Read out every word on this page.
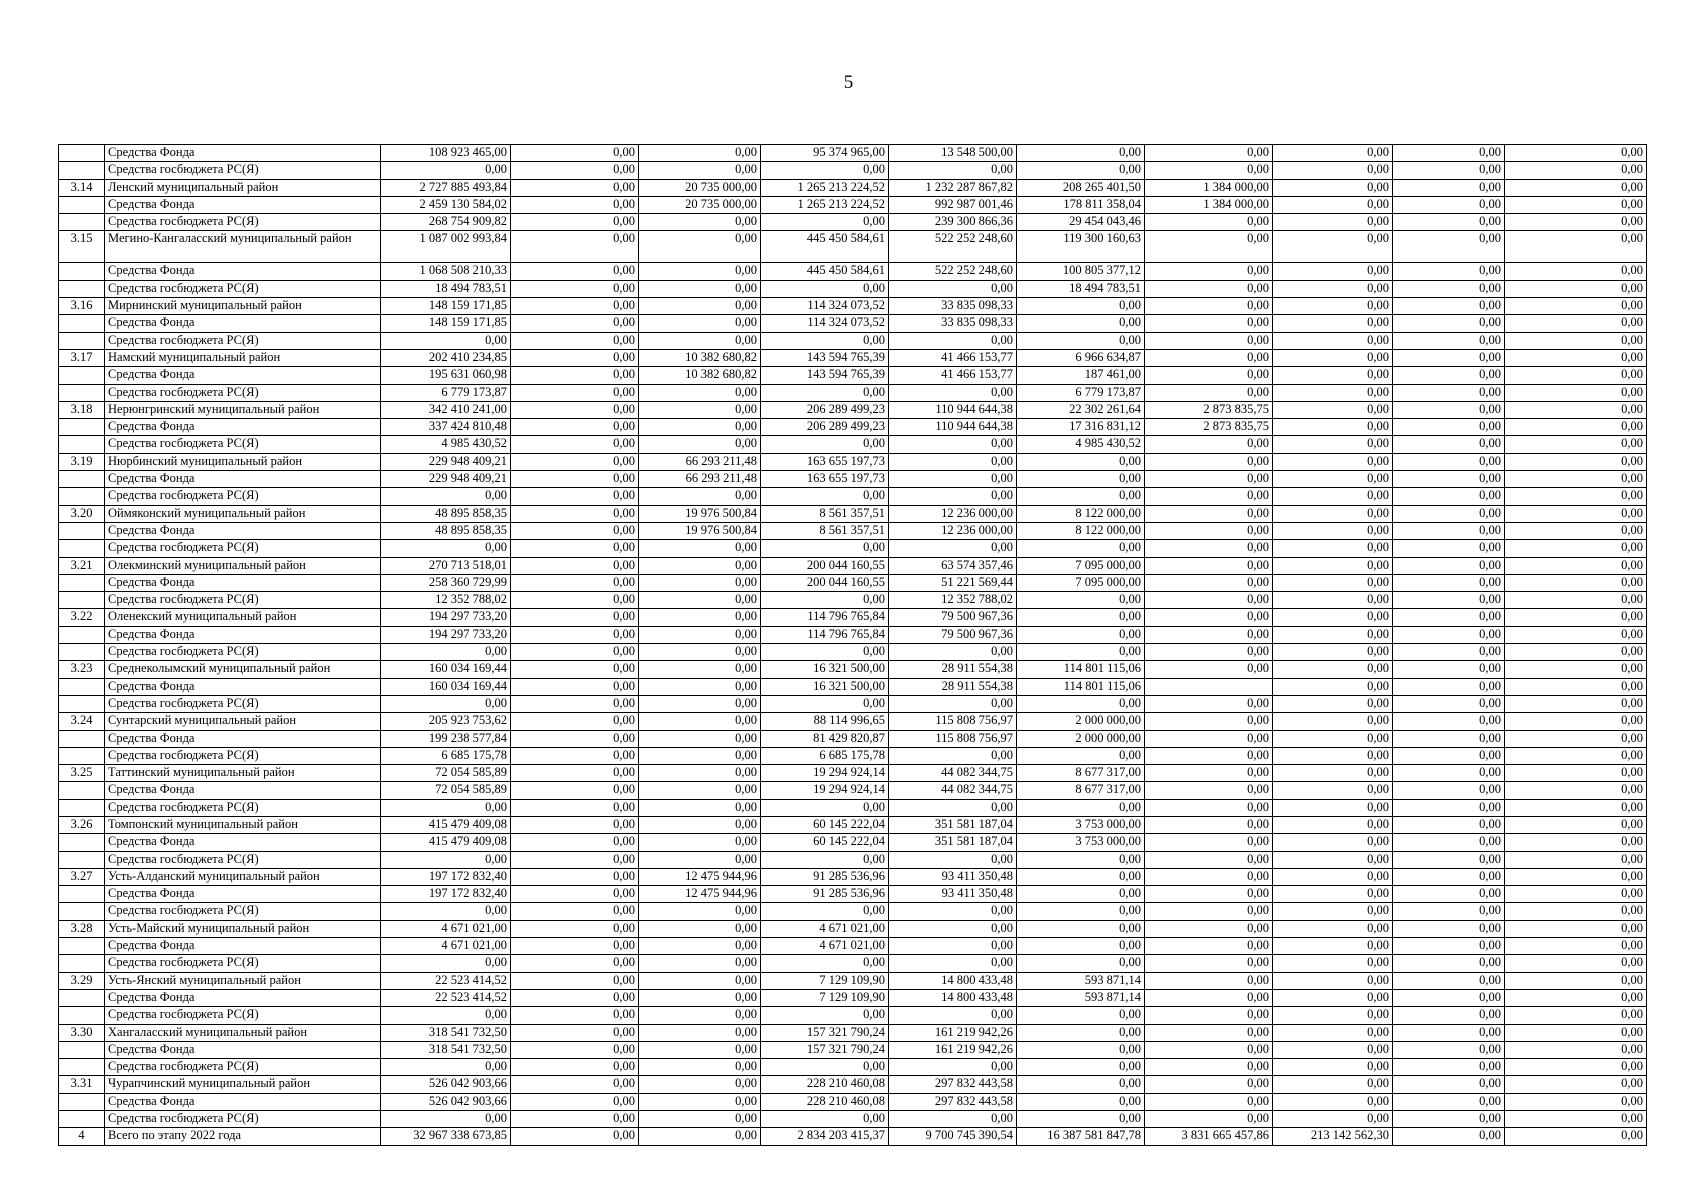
5
	Средства Фонда	108 923 465,00	0,00	0,00	95 374 965,00	13 548 500,00	0,00	0,00	0,00	0,00	0,00
	Средства госбюджета РС(Я)	0,00	0,00	0,00	0,00	0,00	0,00	0,00	0,00	0,00	0,00
3.14	Ленский муниципальный район	2 727 885 493,84	0,00	20 735 000,00	1 265 213 224,52	1 232 287 867,82	208 265 401,50	1 384 000,00	0,00	0,00	0,00
	Средства Фонда	2 459 130 584,02	0,00	20 735 000,00	1 265 213 224,52	992 987 001,46	178 811 358,04	1 384 000,00	0,00	0,00	0,00
	Средства госбюджета РС(Я)	268 754 909,82	0,00	0,00	0,00	239 300 866,36	29 454 043,46	0,00	0,00	0,00	0,00
3.15	Мегино-Кангаласский муниципальный район	1 087 002 993,84	0,00	0,00	445 450 584,61	522 252 248,60	119 300 160,63	0,00	0,00	0,00	0,00
	Средства Фонда	1 068 508 210,33	0,00	0,00	445 450 584,61	522 252 248,60	100 805 377,12	0,00	0,00	0,00	0,00
	Средства госбюджета РС(Я)	18 494 783,51	0,00	0,00	0,00	0,00	18 494 783,51	0,00	0,00	0,00	0,00
3.16	Мирнинский муниципальный район	148 159 171,85	0,00	0,00	114 324 073,52	33 835 098,33	0,00	0,00	0,00	0,00	0,00
	Средства Фонда	148 159 171,85	0,00	0,00	114 324 073,52	33 835 098,33	0,00	0,00	0,00	0,00	0,00
	Средства госбюджета РС(Я)	0,00	0,00	0,00	0,00	0,00	0,00	0,00	0,00	0,00	0,00
3.17	Намский муниципальный район	202 410 234,85	0,00	10 382 680,82	143 594 765,39	41 466 153,77	6 966 634,87	0,00	0,00	0,00	0,00
	Средства Фонда	195 631 060,98	0,00	10 382 680,82	143 594 765,39	41 466 153,77	187 461,00	0,00	0,00	0,00	0,00
	Средства госбюджета РС(Я)	6 779 173,87	0,00	0,00	0,00	0,00	6 779 173,87	0,00	0,00	0,00	0,00
3.18	Нерюнгринский муниципальный район	342 410 241,00	0,00	0,00	206 289 499,23	110 944 644,38	22 302 261,64	2 873 835,75	0,00	0,00	0,00
	Средства Фонда	337 424 810,48	0,00	0,00	206 289 499,23	110 944 644,38	17 316 831,12	2 873 835,75	0,00	0,00	0,00
	Средства госбюджета РС(Я)	4 985 430,52	0,00	0,00	0,00	0,00	4 985 430,52	0,00	0,00	0,00	0,00
3.19	Нюрбинский муниципальный район	229 948 409,21	0,00	66 293 211,48	163 655 197,73	0,00	0,00	0,00	0,00	0,00	0,00
	Средства Фонда	229 948 409,21	0,00	66 293 211,48	163 655 197,73	0,00	0,00	0,00	0,00	0,00	0,00
	Средства госбюджета РС(Я)	0,00	0,00	0,00	0,00	0,00	0,00	0,00	0,00	0,00	0,00
3.20	Оймяконский муниципальный район	48 895 858,35	0,00	19 976 500,84	8 561 357,51	12 236 000,00	8 122 000,00	0,00	0,00	0,00	0,00
	Средства Фонда	48 895 858,35	0,00	19 976 500,84	8 561 357,51	12 236 000,00	8 122 000,00	0,00	0,00	0,00	0,00
	Средства госбюджета РС(Я)	0,00	0,00	0,00	0,00	0,00	0,00	0,00	0,00	0,00	0,00
3.21	Олекминский муниципальный район	270 713 518,01	0,00	0,00	200 044 160,55	63 574 357,46	7 095 000,00	0,00	0,00	0,00	0,00
	Средства Фонда	258 360 729,99	0,00	0,00	200 044 160,55	51 221 569,44	7 095 000,00	0,00	0,00	0,00	0,00
	Средства госбюджета РС(Я)	12 352 788,02	0,00	0,00	0,00	12 352 788,02	0,00	0,00	0,00	0,00	0,00
3.22	Оленекский муниципальный район	194 297 733,20	0,00	0,00	114 796 765,84	79 500 967,36	0,00	0,00	0,00	0,00	0,00
	Средства Фонда	194 297 733,20	0,00	0,00	114 796 765,84	79 500 967,36	0,00	0,00	0,00	0,00	0,00
	Средства госбюджета РС(Я)	0,00	0,00	0,00	0,00	0,00	0,00	0,00	0,00	0,00	0,00
3.23	Среднеколымский муниципальный район	160 034 169,44	0,00	0,00	16 321 500,00	28 911 554,38	114 801 115,06	0,00	0,00	0,00	0,00
	Средства Фонда	160 034 169,44	0,00	0,00	16 321 500,00	28 911 554,38	114 801 115,06		0,00	0,00	0,00
	Средства госбюджета РС(Я)	0,00	0,00	0,00	0,00	0,00	0,00	0,00	0,00	0,00	0,00
3.24	Сунтарский муниципальный район	205 923 753,62	0,00	0,00	88 114 996,65	115 808 756,97	2 000 000,00	0,00	0,00	0,00	0,00
	Средства Фонда	199 238 577,84	0,00	0,00	81 429 820,87	115 808 756,97	2 000 000,00	0,00	0,00	0,00	0,00
	Средства госбюджета РС(Я)	6 685 175,78	0,00	0,00	6 685 175,78	0,00	0,00	0,00	0,00	0,00	0,00
3.25	Таттинский муниципальный район	72 054 585,89	0,00	0,00	19 294 924,14	44 082 344,75	8 677 317,00	0,00	0,00	0,00	0,00
	Средства Фонда	72 054 585,89	0,00	0,00	19 294 924,14	44 082 344,75	8 677 317,00	0,00	0,00	0,00	0,00
	Средства госбюджета РС(Я)	0,00	0,00	0,00	0,00	0,00	0,00	0,00	0,00	0,00	0,00
3.26	Томпонский муниципальный район	415 479 409,08	0,00	0,00	60 145 222,04	351 581 187,04	3 753 000,00	0,00	0,00	0,00	0,00
	Средства Фонда	415 479 409,08	0,00	0,00	60 145 222,04	351 581 187,04	3 753 000,00	0,00	0,00	0,00	0,00
	Средства госбюджета РС(Я)	0,00	0,00	0,00	0,00	0,00	0,00	0,00	0,00	0,00	0,00
3.27	Усть-Алданский муниципальный район	197 172 832,40	0,00	12 475 944,96	91 285 536,96	93 411 350,48	0,00	0,00	0,00	0,00	0,00
	Средства Фонда	197 172 832,40	0,00	12 475 944,96	91 285 536,96	93 411 350,48	0,00	0,00	0,00	0,00	0,00
	Средства госбюджета РС(Я)	0,00	0,00	0,00	0,00	0,00	0,00	0,00	0,00	0,00	0,00
3.28	Усть-Майский муниципальный район	4 671 021,00	0,00	0,00	4 671 021,00	0,00	0,00	0,00	0,00	0,00	0,00
	Средства Фонда	4 671 021,00	0,00	0,00	4 671 021,00	0,00	0,00	0,00	0,00	0,00	0,00
	Средства госбюджета РС(Я)	0,00	0,00	0,00	0,00	0,00	0,00	0,00	0,00	0,00	0,00
3.29	Усть-Янский муниципальный район	22 523 414,52	0,00	0,00	7 129 109,90	14 800 433,48	593 871,14	0,00	0,00	0,00	0,00
	Средства Фонда	22 523 414,52	0,00	0,00	7 129 109,90	14 800 433,48	593 871,14	0,00	0,00	0,00	0,00
	Средства госбюджета РС(Я)	0,00	0,00	0,00	0,00	0,00	0,00	0,00	0,00	0,00	0,00
3.30	Хангаласский муниципальный район	318 541 732,50	0,00	0,00	157 321 790,24	161 219 942,26	0,00	0,00	0,00	0,00	0,00
	Средства Фонда	318 541 732,50	0,00	0,00	157 321 790,24	161 219 942,26	0,00	0,00	0,00	0,00	0,00
	Средства госбюджета РС(Я)	0,00	0,00	0,00	0,00	0,00	0,00	0,00	0,00	0,00	0,00
3.31	Чурапчинский муниципальный район	526 042 903,66	0,00	0,00	228 210 460,08	297 832 443,58	0,00	0,00	0,00	0,00	0,00
	Средства Фонда	526 042 903,66	0,00	0,00	228 210 460,08	297 832 443,58	0,00	0,00	0,00	0,00	0,00
	Средства госбюджета РС(Я)	0,00	0,00	0,00	0,00	0,00	0,00	0,00	0,00	0,00	0,00
4	Всего по этапу 2022 года	32 967 338 673,85	0,00	0,00	2 834 203 415,37	9 700 745 390,54	16 387 581 847,78	3 831 665 457,86	213 142 562,30	0,00	0,00
